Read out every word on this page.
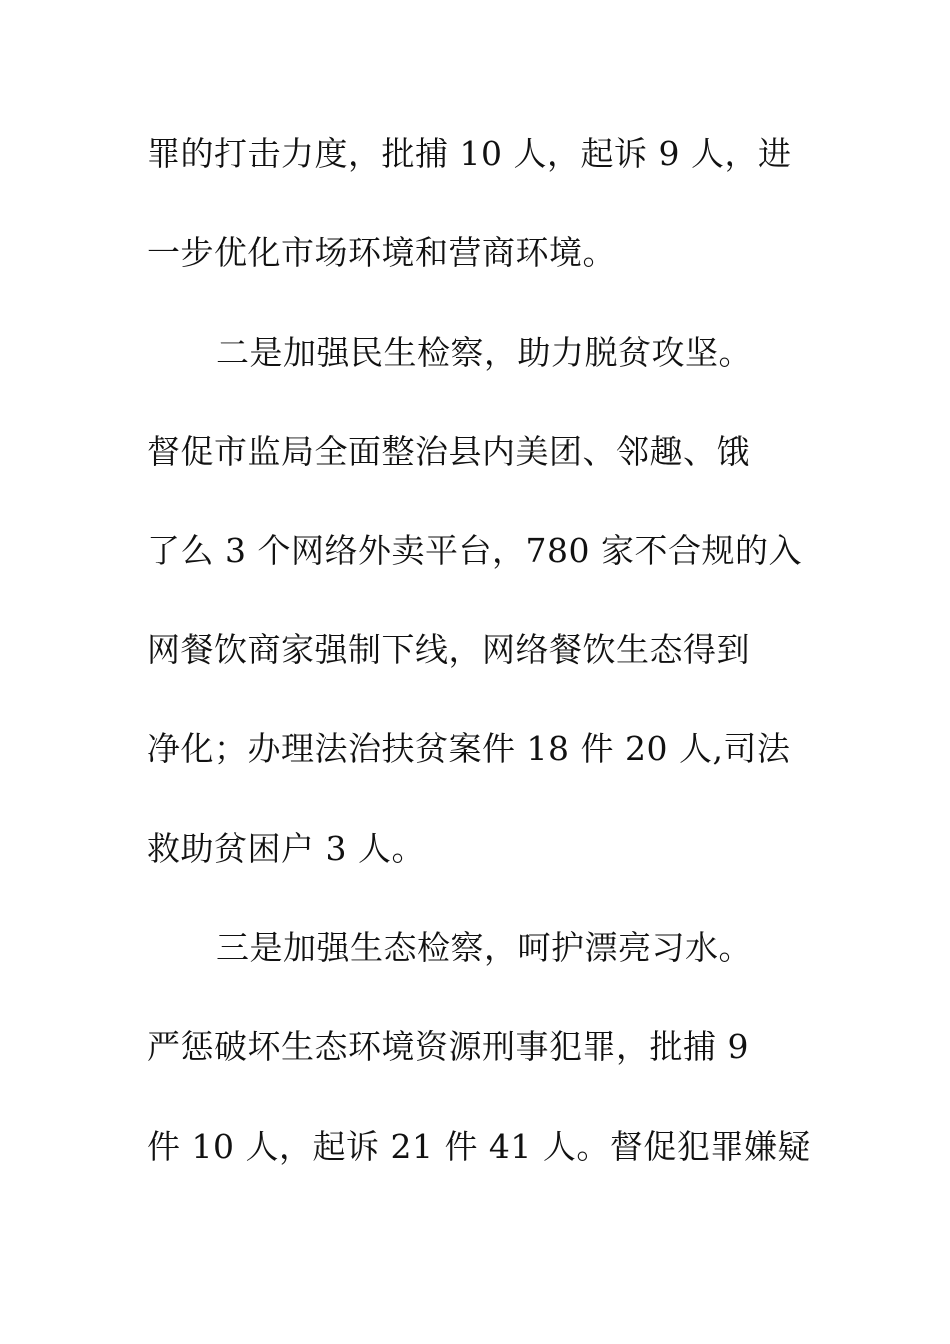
罪的打击力度，批捕 10 人，起诉 9 人，进
一步优化市场环境和营商环境。
二是加强民生检察，助力脱贫攻坚。
督促市监局全面整治县内美团、邻趣、饿
了么 3 个网络外卖平台，780 家不合规的入
网餐饮商家强制下线，网络餐饮生态得到
净化；办理法治扶贫案件 18 件 20 人,司法
救助贫困户 3 人。
三是加强生态检察，呵护漂亮习水。
严惩破坏生态环境资源刑事犯罪，批捕 9
件 10 人，起诉 21 件 41 人。督促犯罪嫌疑
